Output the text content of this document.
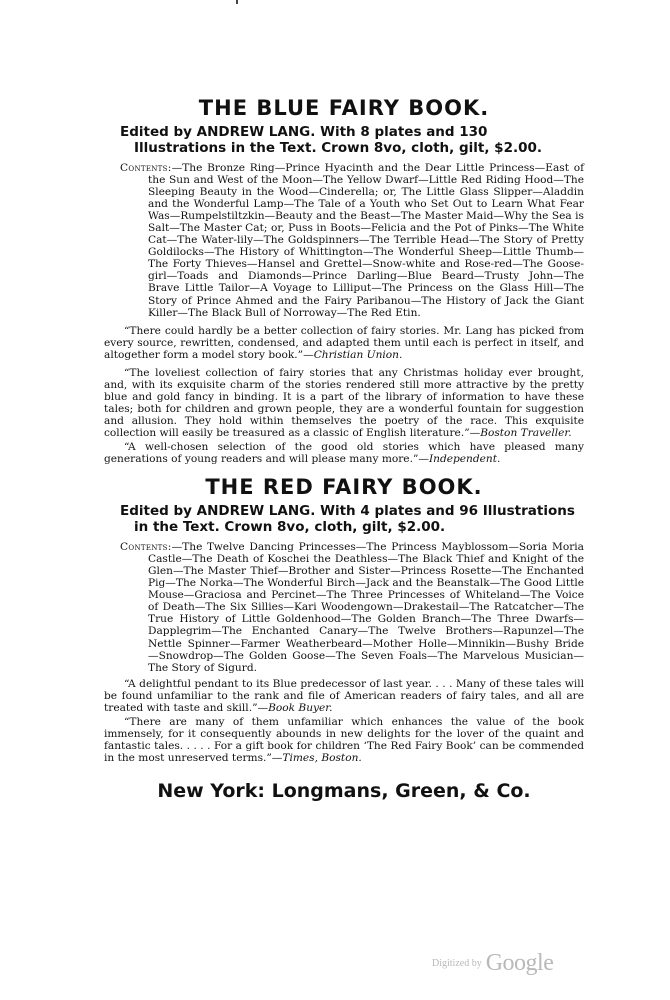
THE BLUE FAIRY BOOK.

Edited by ANDREW LANG. With 8 plates and 130 Illustrations in the Text. Crown 8vo, cloth, gilt, $2.00.

Contents:—The Bronze Ring—Prince Hyacinth and the Dear Little Princess—East of the Sun and West of the Moon—The Yellow Dwarf—Little Red Riding Hood—The Sleeping Beauty in the Wood—Cinderella; or, The Little Glass Slipper—Aladdin and the Wonderful Lamp—The Tale of a Youth who Set Out to Learn What Fear Was—Rumpelstiltzkin—Beauty and the Beast—The Master Maid—Why the Sea is Salt—The Master Cat; or, Puss in Boots—Felicia and the Pot of Pinks—The White Cat—The Water-lily—The Goldspinners—The Terrible Head—The Story of Pretty Goldilocks—The History of Whittington—The Wonderful Sheep—Little Thumb—The Forty Thieves—Hansel and Grettel—Snow-white and Rose-red—The Goose-girl—Toads and Diamonds—Prince Darling—Blue Beard—Trusty John—The Brave Little Tailor—A Voyage to Lilliput—The Princess on the Glass Hill—The Story of Prince Ahmed and the Fairy Paribanou—The History of Jack the Giant Killer—The Black Bull of Norroway—The Red Etin.

“There could hardly be a better collection of fairy stories. Mr. Lang has picked from every source, rewritten, condensed, and adapted them until each is perfect in itself, and altogether form a model story book.”—Christian Union.

“The loveliest collection of fairy stories that any Christmas holiday ever brought, and, with its exquisite charm of the stories rendered still more attractive by the pretty blue and gold fancy in binding. It is a part of the library of information to have these tales; both for children and grown people, they are a wonderful fountain for suggestion and allusion. They hold within themselves the poetry of the race. This exquisite collection will easily be treasured as a classic of English literature.”—Boston Traveller.

“A well-chosen selection of the good old stories which have pleased many generations of young readers and will please many more.”—Independent.

THE RED FAIRY BOOK.

Edited by ANDREW LANG. With 4 plates and 96 Illustrations in the Text. Crown 8vo, cloth, gilt, $2.00.

Contents:—The Twelve Dancing Princesses—The Princess Mayblossom—Soria Moria Castle—The Death of Koschei the Deathless—The Black Thief and Knight of the Glen—The Master Thief—Brother and Sister—Princess Rosette—The Enchanted Pig—The Norka—The Wonderful Birch—Jack and the Beanstalk—The Good Little Mouse—Graciosa and Percinet—The Three Princesses of Whiteland—The Voice of Death—The Six Sillies—Kari Woodengown—Drakestail—The Ratcatcher—The True History of Little Goldenhood—The Golden Branch—The Three Dwarfs—Dapplegrim—The Enchanted Canary—The Twelve Brothers—Rapunzel—The Nettle Spinner—Farmer Weatherbeard—Mother Holle—Minnikin—Bushy Bride—Snowdrop—The Golden Goose—The Seven Foals—The Marvelous Musician—The Story of Sigurd.

“A delightful pendant to its Blue predecessor of last year. . . . Many of these tales will be found unfamiliar to the rank and file of American readers of fairy tales, and all are treated with taste and skill.”—Book Buyer.

“There are many of them unfamiliar which enhances the value of the book immensely, for it consequently abounds in new delights for the lover of the quaint and fantastic tales. . . . . For a gift book for children ‘The Red Fairy Book’ can be commended in the most unreserved terms.”—Times, Boston.

New York: Longmans, Green, & Co.
$^{Digitized by}$ Google
